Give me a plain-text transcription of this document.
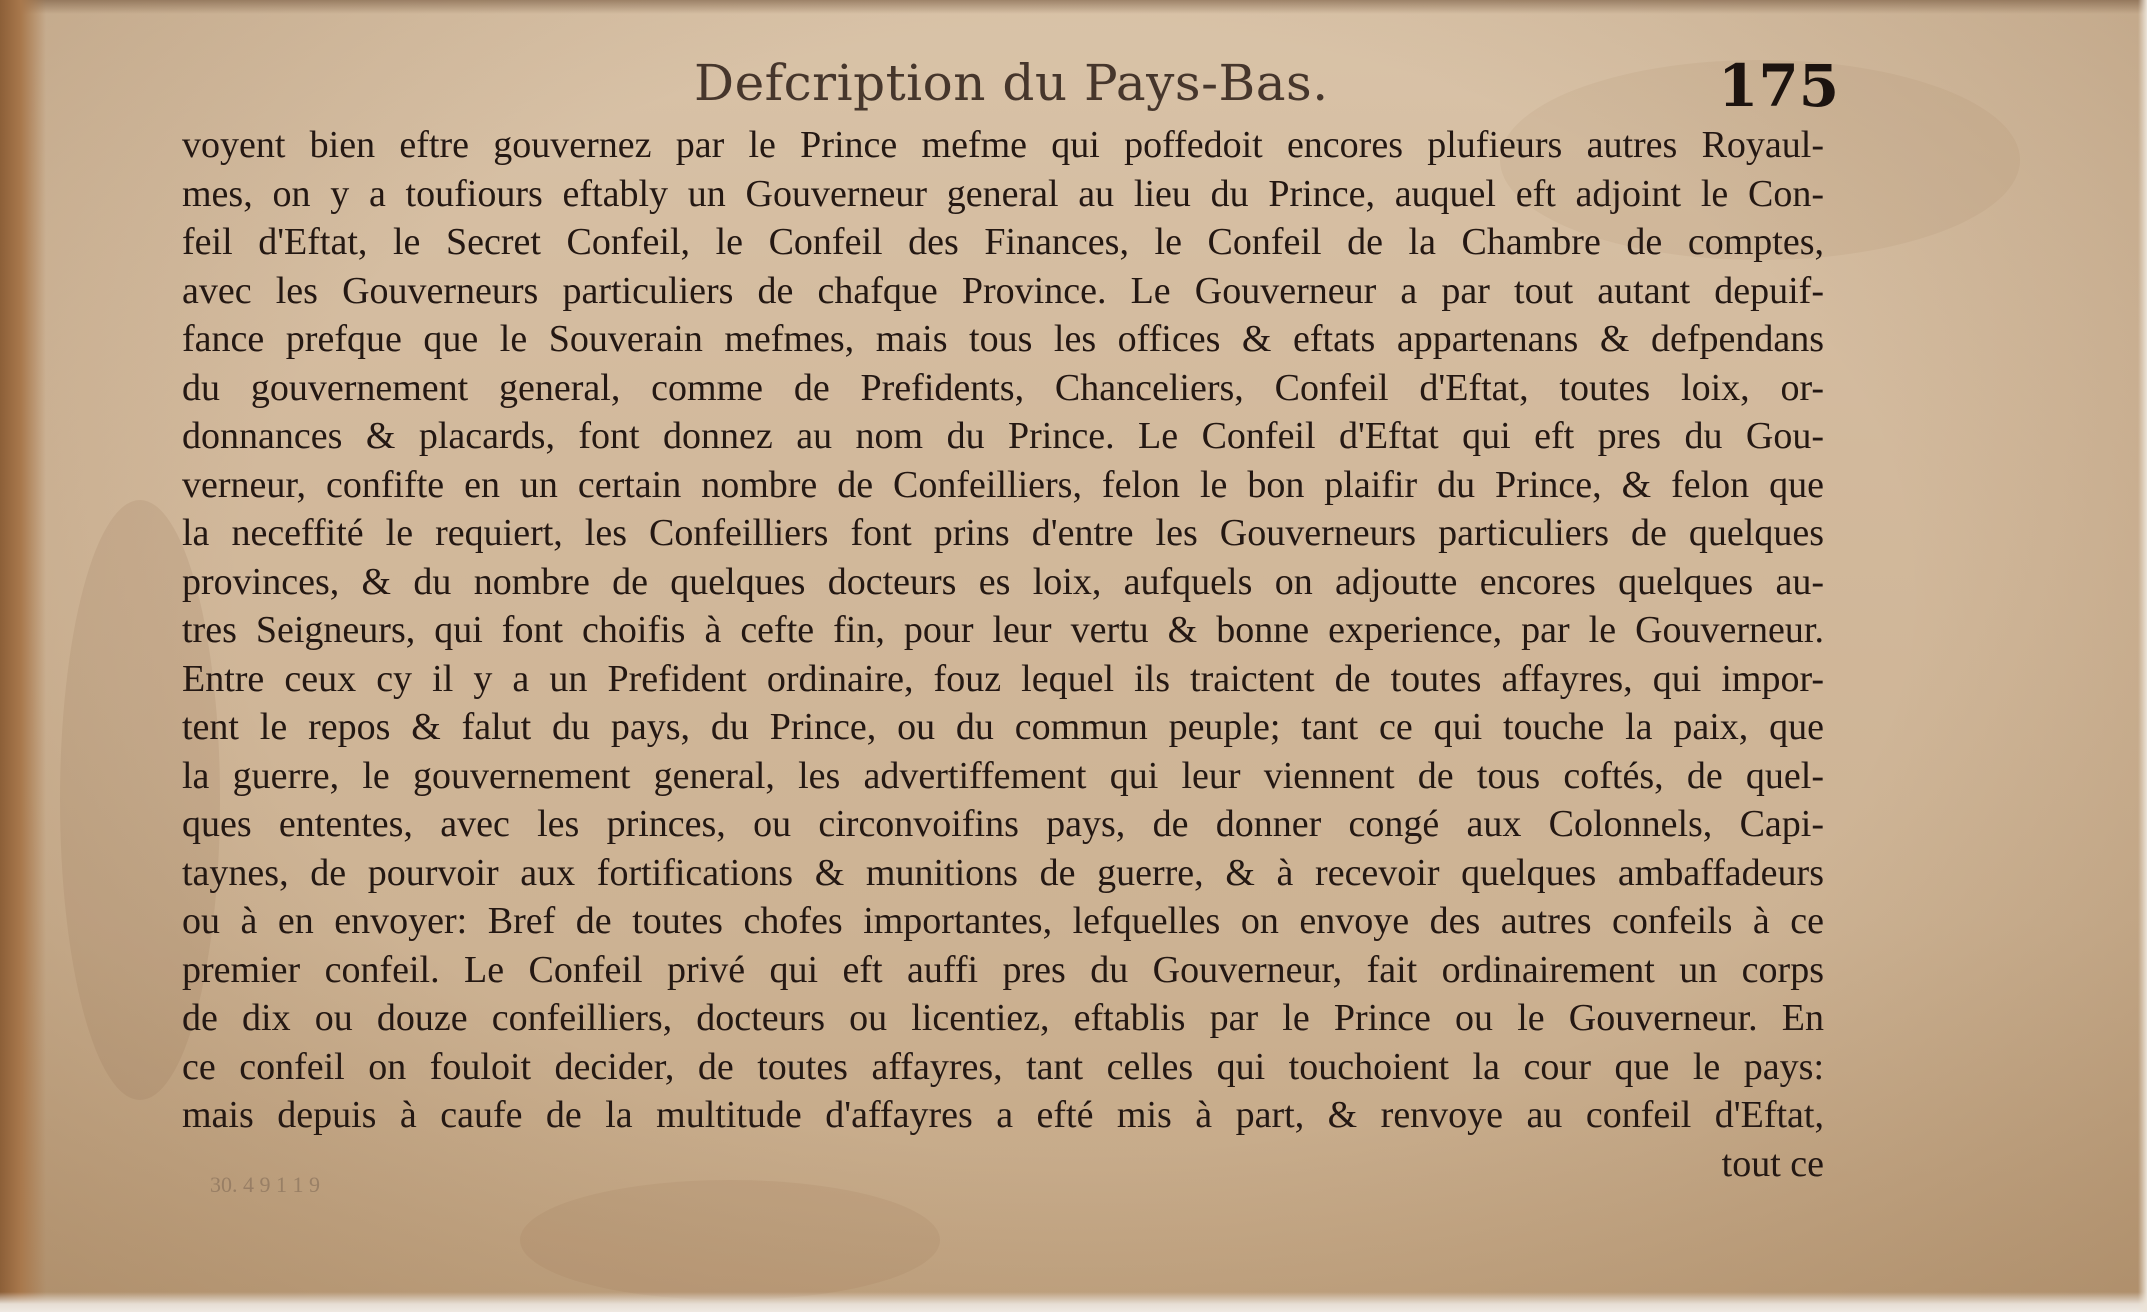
Defcription du Pays-Bas.	175
voyent bien eftre gouvernez par le Prince mefme qui poffedoit encores plufieurs autres Royaul-
mes, on y a toufiours eftably un Gouverneur general au lieu du Prince, auquel eft adjoint le Con-
feil d'Eftat, le Secret Confeil, le Confeil des Finances, le Confeil de la Chambre de comptes,
avec les Gouverneurs particuliers de chafque Province. Le Gouverneur a par tout autant depuif-
fance prefque que le Souverain mefmes, mais tous les offices & eftats appartenans & defpendans
du gouvernement general, comme de Prefidents, Chanceliers, Confeil d'Eftat, toutes loix, or-
donnances & placards, font donnez au nom du Prince. Le Confeil d'Eftat qui eft pres du Gou-
verneur, confifte en un certain nombre de Confeilliers, felon le bon plaifir du Prince, & felon que
la neceffité le requiert, les Confeilliers font prins d'entre les Gouverneurs particuliers de quelques
provinces, & du nombre de quelques docteurs es loix, aufquels on adjoutte encores quelques au-
tres Seigneurs, qui font choifis à cefte fin, pour leur vertu & bonne experience, par le Gouverneur.
Entre ceux cy il y a un Prefident ordinaire, fouz lequel ils traictent de toutes affayres, qui impor-
tent le repos & falut du pays, du Prince, ou du commun peuple; tant ce qui touche la paix, que
la guerre, le gouvernement general, les advertiffement qui leur viennent de tous coftés, de quel-
ques ententes, avec les princes, ou circonvoifins pays, de donner congé aux Colonnels, Capi-
taynes, de pourvoir aux fortifications & munitions de guerre, & à recevoir quelques ambaffadeurs
ou à en envoyer: Bref de toutes chofes importantes, lefquelles on envoye des autres confeils à ce
premier confeil. Le Confeil privé qui eft auffi pres du Gouverneur, fait ordinairement un corps
de dix ou douze confeilliers, docteurs ou licentiez, eftablis par le Prince ou le Gouverneur. En
ce confeil on fouloit decider, de toutes affayres, tant celles qui touchoient la cour que le pays:
mais depuis à caufe de la multitude d'affayres a efté mis à part, & renvoye au confeil d'Eftat,
tout ce
30. 4 9 1 1 9
